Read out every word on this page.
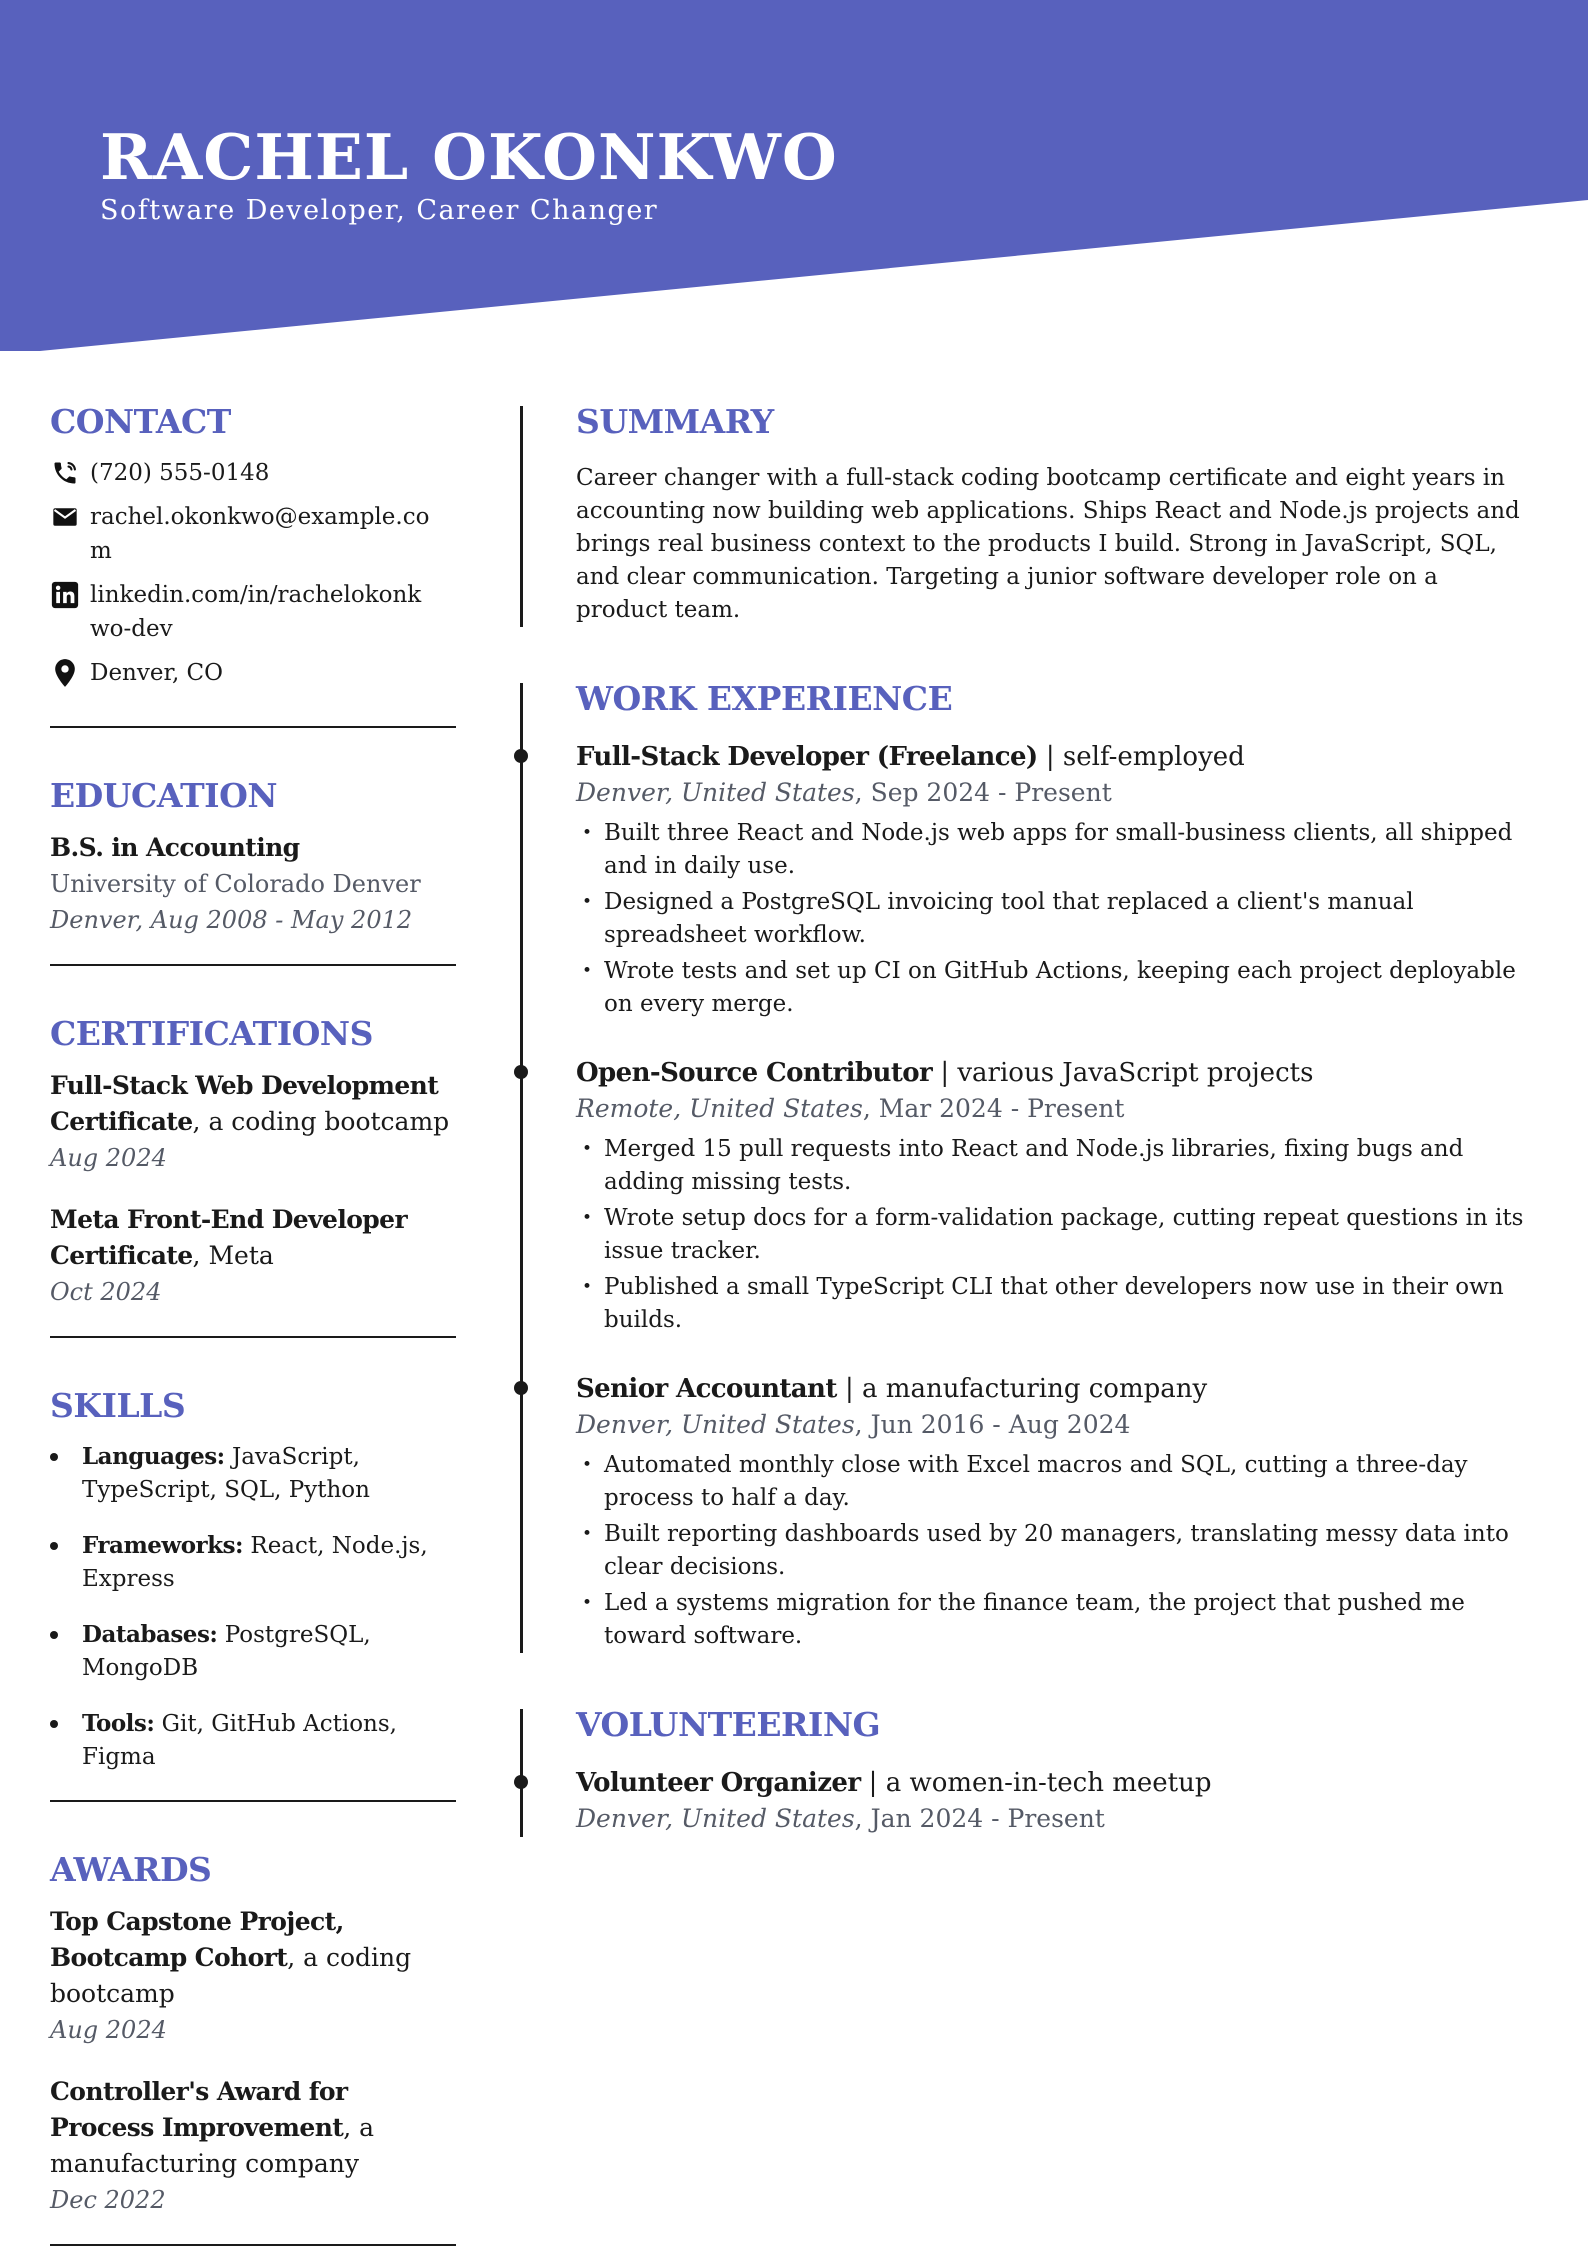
RACHEL OKONKWO
Software Developer, Career Changer
CONTACT
(720) 555-0148
rachel.okonkwo@example.com
linkedin.com/in/rachelokonkwo-dev
Denver, CO
EDUCATION
B.S. in Accounting
University of Colorado Denver
Denver, Aug 2008 - May 2012
CERTIFICATIONS
Full-Stack Web Development Certificate, a coding bootcamp
Aug 2024
Meta Front-End Developer Certificate, Meta
Oct 2024
SKILLS
Languages: JavaScript, TypeScript, SQL, Python
Frameworks: React, Node.js, Express
Databases: PostgreSQL, MongoDB
Tools: Git, GitHub Actions, Figma
AWARDS
Top Capstone Project, Bootcamp Cohort, a coding bootcamp
Aug 2024
Controller's Award for Process Improvement, a manufacturing company
Dec 2022
SUMMARY

Career changer with a full-stack coding bootcamp certificate and eight years in accounting now building web applications. Ships React and Node.js projects and brings real business context to the products I build. Strong in JavaScript, SQL, and clear communication. Targeting a junior software developer role on a product team.

WORK EXPERIENCE
Full-Stack Developer (Freelance) | self-employed
Denver, United States, Sep 2024 - Present
• Built three React and Node.js web apps for small-business clients, all shipped and in daily use.
• Designed a PostgreSQL invoicing tool that replaced a client's manual spreadsheet workflow.
• Wrote tests and set up CI on GitHub Actions, keeping each project deployable on every merge.
Open-Source Contributor | various JavaScript projects
Remote, United States, Mar 2024 - Present
• Merged 15 pull requests into React and Node.js libraries, fixing bugs and adding missing tests.
• Wrote setup docs for a form-validation package, cutting repeat questions in its issue tracker.
• Published a small TypeScript CLI that other developers now use in their own builds.
Senior Accountant | a manufacturing company
Denver, United States, Jun 2016 - Aug 2024
• Automated monthly close with Excel macros and SQL, cutting a three-day process to half a day.
• Built reporting dashboards used by 20 managers, translating messy data into clear decisions.
• Led a systems migration for the finance team, the project that pushed me toward software.
VOLUNTEERING
Volunteer Organizer | a women-in-tech meetup
Denver, United States, Jan 2024 - Present
